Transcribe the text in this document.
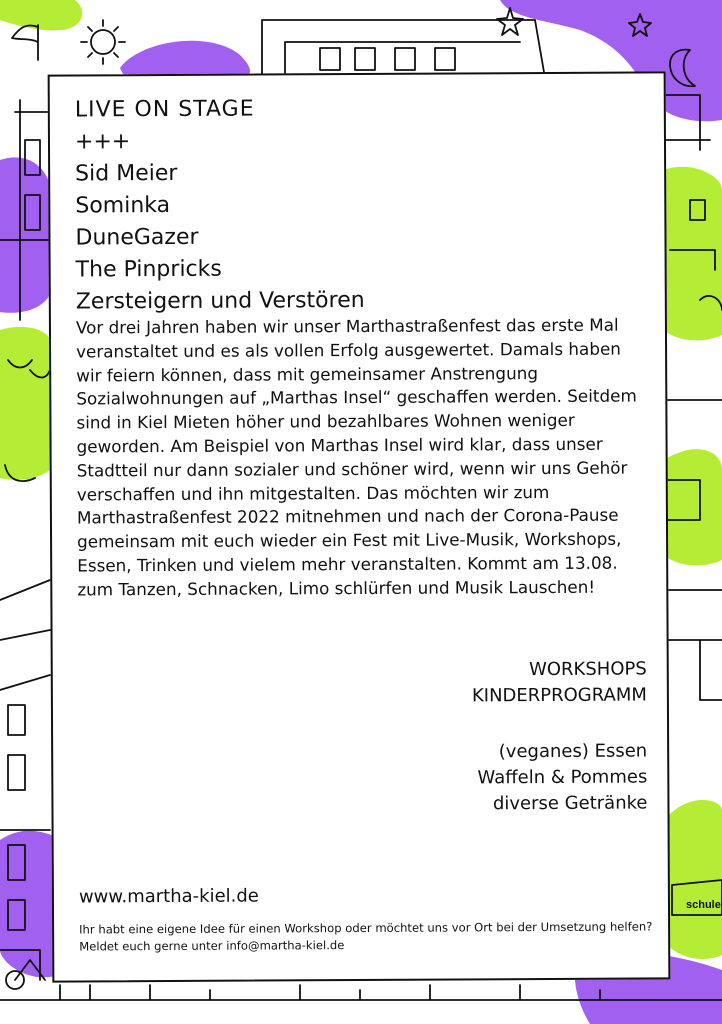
schule
LIVE ON STAGE
+++
Sid Meier
Sominka
DuneGazer
The Pinpricks
Zersteigern und Verstören

Vor drei Jahren haben wir unser Marthastraßenfest das erste Mal veranstaltet und es als vollen Erfolg ausgewertet. Damals haben wir feiern können, dass mit gemeinsamer Anstrengung Sozialwohnungen auf „Marthas Insel“ geschaffen werden. Seitdem sind in Kiel Mieten höher und bezahlbares Wohnen weniger geworden. Am Beispiel von Marthas Insel wird klar, dass unser Stadtteil nur dann sozialer und schöner wird, wenn wir uns Gehör verschaffen und ihn mitgestalten. Das möchten wir zum Marthastraßenfest 2022 mitnehmen und nach der Corona-Pause gemeinsam mit euch wieder ein Fest mit Live-Musik, Workshops, Essen, Trinken und vielem mehr veranstalten. Kommt am 13.08. zum Tanzen, Schnacken, Limo schlürfen und Musik Lauschen!

WORKSHOPS
KINDERPROGRAMM
(veganes) Essen
Waffeln & Pommes
diverse Getränke
www.martha-kiel.de

Ihr habt eine eigene Idee für einen Workshop oder möchtet uns vor Ort bei der Umsetzung helfen? Meldet euch gerne unter info@martha-kiel.de
